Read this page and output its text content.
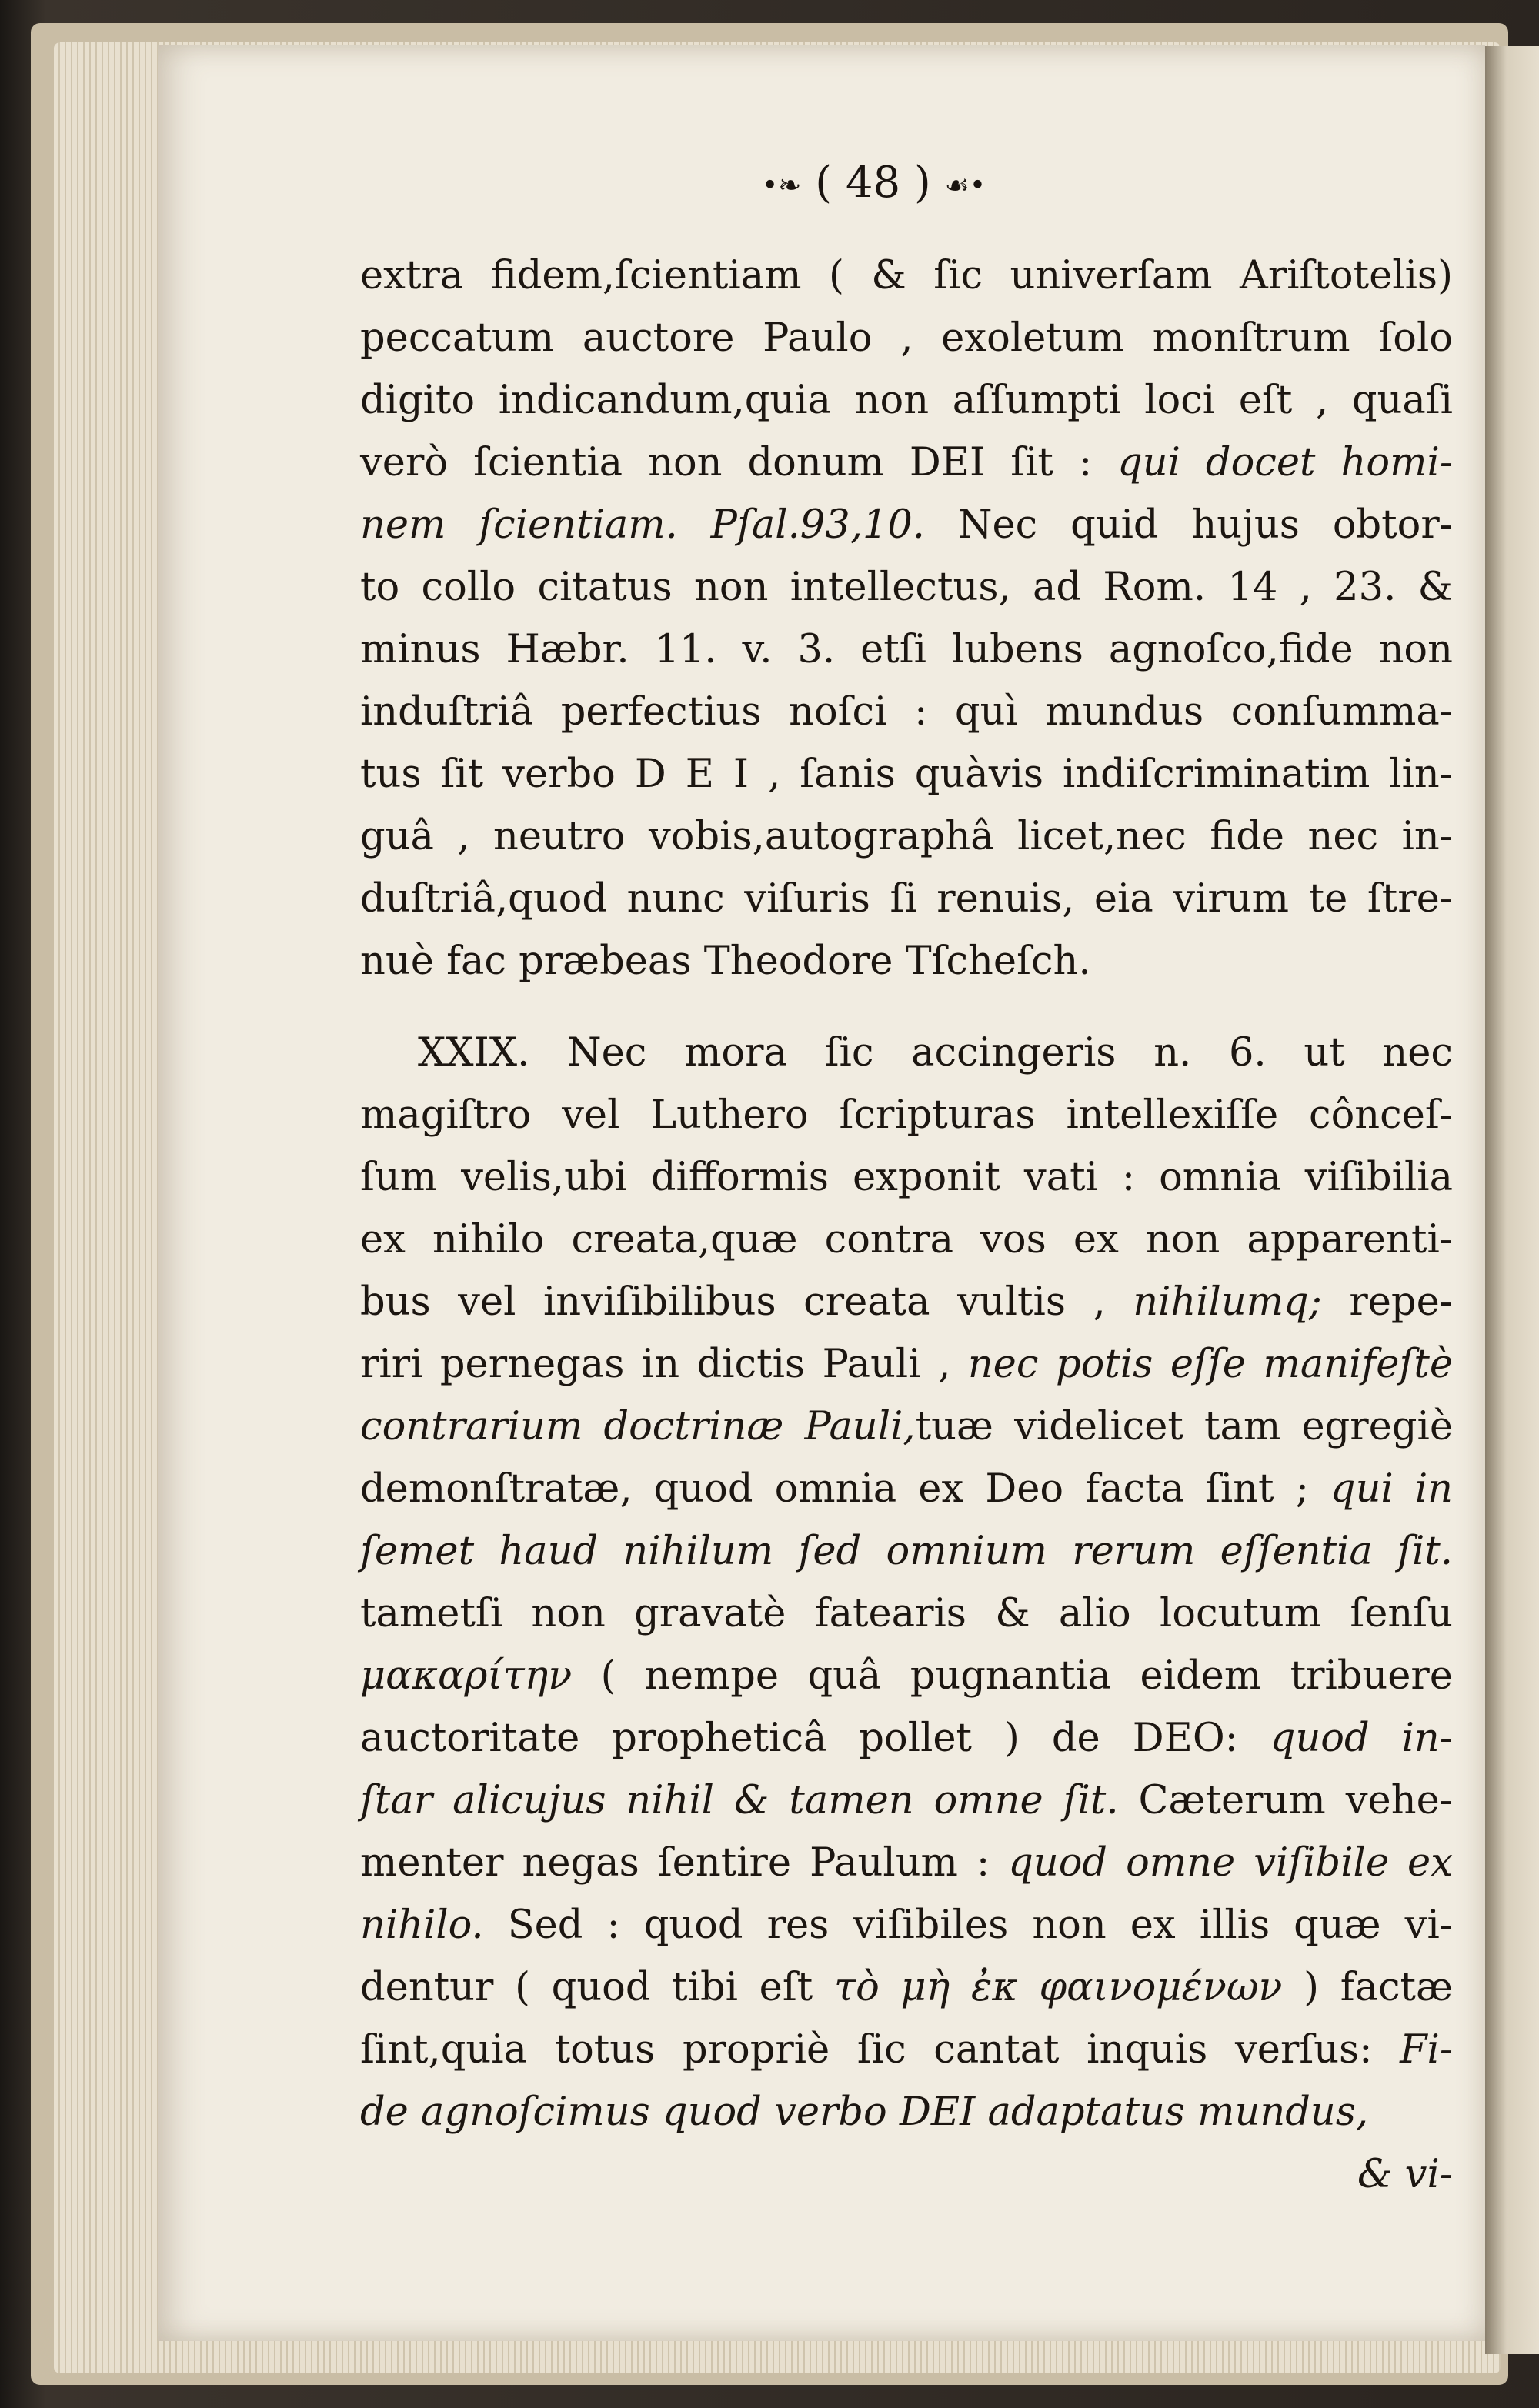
•❧ ( 48 ) ☙•
extra fidem,ſcientiam ( & ſic univerſam Ariſtotelis)
peccatum auctore Paulo , exoletum monſtrum ſolo
digito indicandum,quia non aſſumpti loci eſt , quaſi
verò ſcientia non donum DEI ſit : qui docet homi-
nem ſcientiam. Pſal.93,10. Nec quid hujus obtor-
to collo citatus non intellectus, ad Rom. 14 , 23. &
minus Hæbr. 11. v. 3. etſi lubens agnoſco,fide non
induſtriâ perfectius noſci : quì mundus conſumma-
tus ſit verbo D E I , ſanis quàvis indiſcriminatim lin-
guâ , neutro vobis,autographâ licet,nec fide nec in-
duſtriâ,quod nunc viſuris ſi renuis, eia virum te ſtre-
nuè fac præbeas Theodore Tſcheſch.
XXIX. Nec mora ſic accingeris n. 6. ut nec
magiſtro vel Luthero ſcripturas intellexiſſe cônceſ-
ſum velis,ubi difformis exponit vati : omnia viſibilia
ex nihilo creata,quæ contra vos ex non apparenti-
bus vel inviſibilibus creata vultis , nihilumq; repe-
riri pernegas in dictis Pauli , nec potis eſſe manifeſtè
contrarium doctrinæ Pauli,tuæ videlicet tam egregiè
demonſtratæ, quod omnia ex Deo facta ſint ; qui in
ſemet haud nihilum ſed omnium rerum eſſentia ſit.
tametſi non gravatè fatearis & alio locutum ſenſu
μακαρίτην ( nempe quâ pugnantia eidem tribuere
auctoritate propheticâ pollet ) de DEO: quod in-
ſtar alicujus nihil & tamen omne ſit. Cæterum vehe-
menter negas ſentire Paulum : quod omne viſibile ex
nihilo. Sed : quod res viſibiles non ex illis quæ vi-
dentur ( quod tibi eſt τὸ μὴ ἐκ φαινομένων ) factæ
ſint,quia totus propriè ſic cantat inquis verſus: Fi-
de agnoſcimus quod verbo DEI adaptatus mundus,
& vi-
